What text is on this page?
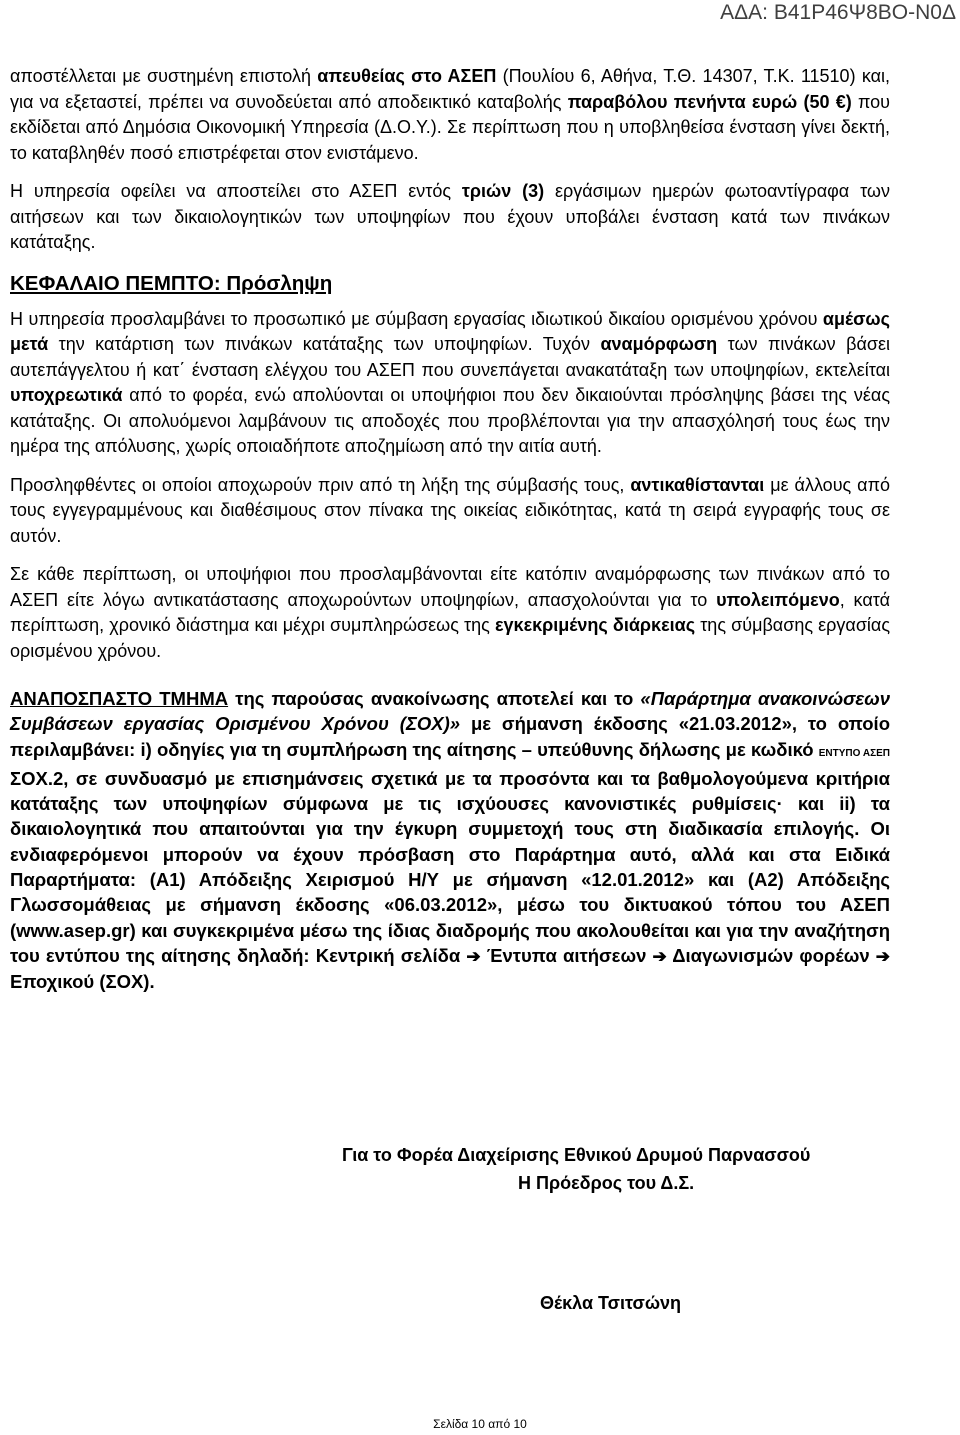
ΑΔΑ: Β41Ρ46Ψ8ΒΟ-Ν0Δ

αποστέλλεται με συστημένη επιστολή απευθείας στο ΑΣΕΠ (Πουλίου 6, Αθήνα, Τ.Θ. 14307, Τ.Κ. 11510) και, για να εξεταστεί, πρέπει να συνοδεύεται από αποδεικτικό καταβολής παραβόλου πενήντα ευρώ (50 €) που εκδίδεται από Δημόσια Οικονομική Υπηρεσία (Δ.Ο.Υ.). Σε περίπτωση που η υποβληθείσα ένσταση γίνει δεκτή, το καταβληθέν ποσό επιστρέφεται στον ενιστάμενο.

Η υπηρεσία οφείλει να αποστείλει στο ΑΣΕΠ εντός τριών (3) εργάσιμων ημερών φωτοαντίγραφα των αιτήσεων και των δικαιολογητικών των υποψηφίων που έχουν υποβάλει ένσταση κατά των πινάκων κατάταξης.

ΚΕΦΑΛΑΙΟ ΠΕΜΠΤΟ: Πρόσληψη

Η υπηρεσία προσλαμβάνει το προσωπικό με σύμβαση εργασίας ιδιωτικού δικαίου ορισμένου χρόνου αμέσως μετά την κατάρτιση των πινάκων κατάταξης των υποψηφίων. Τυχόν αναμόρφωση των πινάκων βάσει αυτεπάγγελτου ή κατ΄ ένσταση ελέγχου του ΑΣΕΠ που συνεπάγεται ανακατάταξη των υποψηφίων, εκτελείται υποχρεωτικά από το φορέα, ενώ απολύονται οι υποψήφιοι που δεν δικαιούνται πρόσληψης βάσει της νέας κατάταξης. Οι απολυόμενοι λαμβάνουν τις αποδοχές που προβλέπονται για την απασχόλησή τους έως την ημέρα της απόλυσης, χωρίς οποιαδήποτε αποζημίωση από την αιτία αυτή.

Προσληφθέντες οι οποίοι αποχωρούν πριν από τη λήξη της σύμβασής τους, αντικαθίστανται με άλλους από τους εγγεγραμμένους και διαθέσιμους στον πίνακα της οικείας ειδικότητας, κατά τη σειρά εγγραφής τους σε αυτόν.

Σε κάθε περίπτωση, οι υποψήφιοι που προσλαμβάνονται είτε κατόπιν αναμόρφωσης των πινάκων από το ΑΣΕΠ είτε λόγω αντικατάστασης αποχωρούντων υποψηφίων, απασχολούνται για το υπολειπόμενο, κατά περίπτωση, χρονικό διάστημα και μέχρι συμπληρώσεως της εγκεκριμένης διάρκειας της σύμβασης εργασίας ορισμένου χρόνου.

ΑΝΑΠΟΣΠΑΣΤΟ ΤΜΗΜΑ της παρούσας ανακοίνωσης αποτελεί και το «Παράρτημα ανακοινώσεων Συμβάσεων εργασίας Ορισμένου Χρόνου (ΣΟΧ)» με σήμανση έκδοσης «21.03.2012», το οποίο περιλαμβάνει: i) οδηγίες για τη συμπλήρωση της αίτησης – υπεύθυνης δήλωσης με κωδικό ΕΝΤΥΠΟ ΑΣΕΠ ΣΟΧ.2, σε συνδυασμό με επισημάνσεις σχετικά με τα προσόντα και τα βαθμολογούμενα κριτήρια κατάταξης των υποψηφίων σύμφωνα με τις ισχύουσες κανονιστικές ρυθμίσεις· και ii) τα δικαιολογητικά που απαιτούνται για την έγκυρη συμμετοχή τους στη διαδικασία επιλογής. Οι ενδιαφερόμενοι μπορούν να έχουν πρόσβαση στο Παράρτημα αυτό, αλλά και στα Ειδικά Παραρτήματα: (Α1) Απόδειξης Χειρισμού Η/Υ με σήμανση «12.01.2012» και (Α2) Απόδειξης Γλωσσομάθειας με σήμανση έκδοσης «06.03.2012», μέσω του δικτυακού τόπου του ΑΣΕΠ (www.asep.gr) και συγκεκριμένα μέσω της ίδιας διαδρομής που ακολουθείται και για την αναζήτηση του εντύπου της αίτησης δηλαδή: Κεντρική σελίδα ➔ Έντυπα αιτήσεων ➔ Διαγωνισμών φορέων ➔ Εποχικού (ΣΟΧ).

Για το Φορέα Διαχείρισης Εθνικού Δρυμού Παρνασσού
Η Πρόεδρος του Δ.Σ.
Θέκλα Τσιτσώνη
Σελίδα 10 από 10
